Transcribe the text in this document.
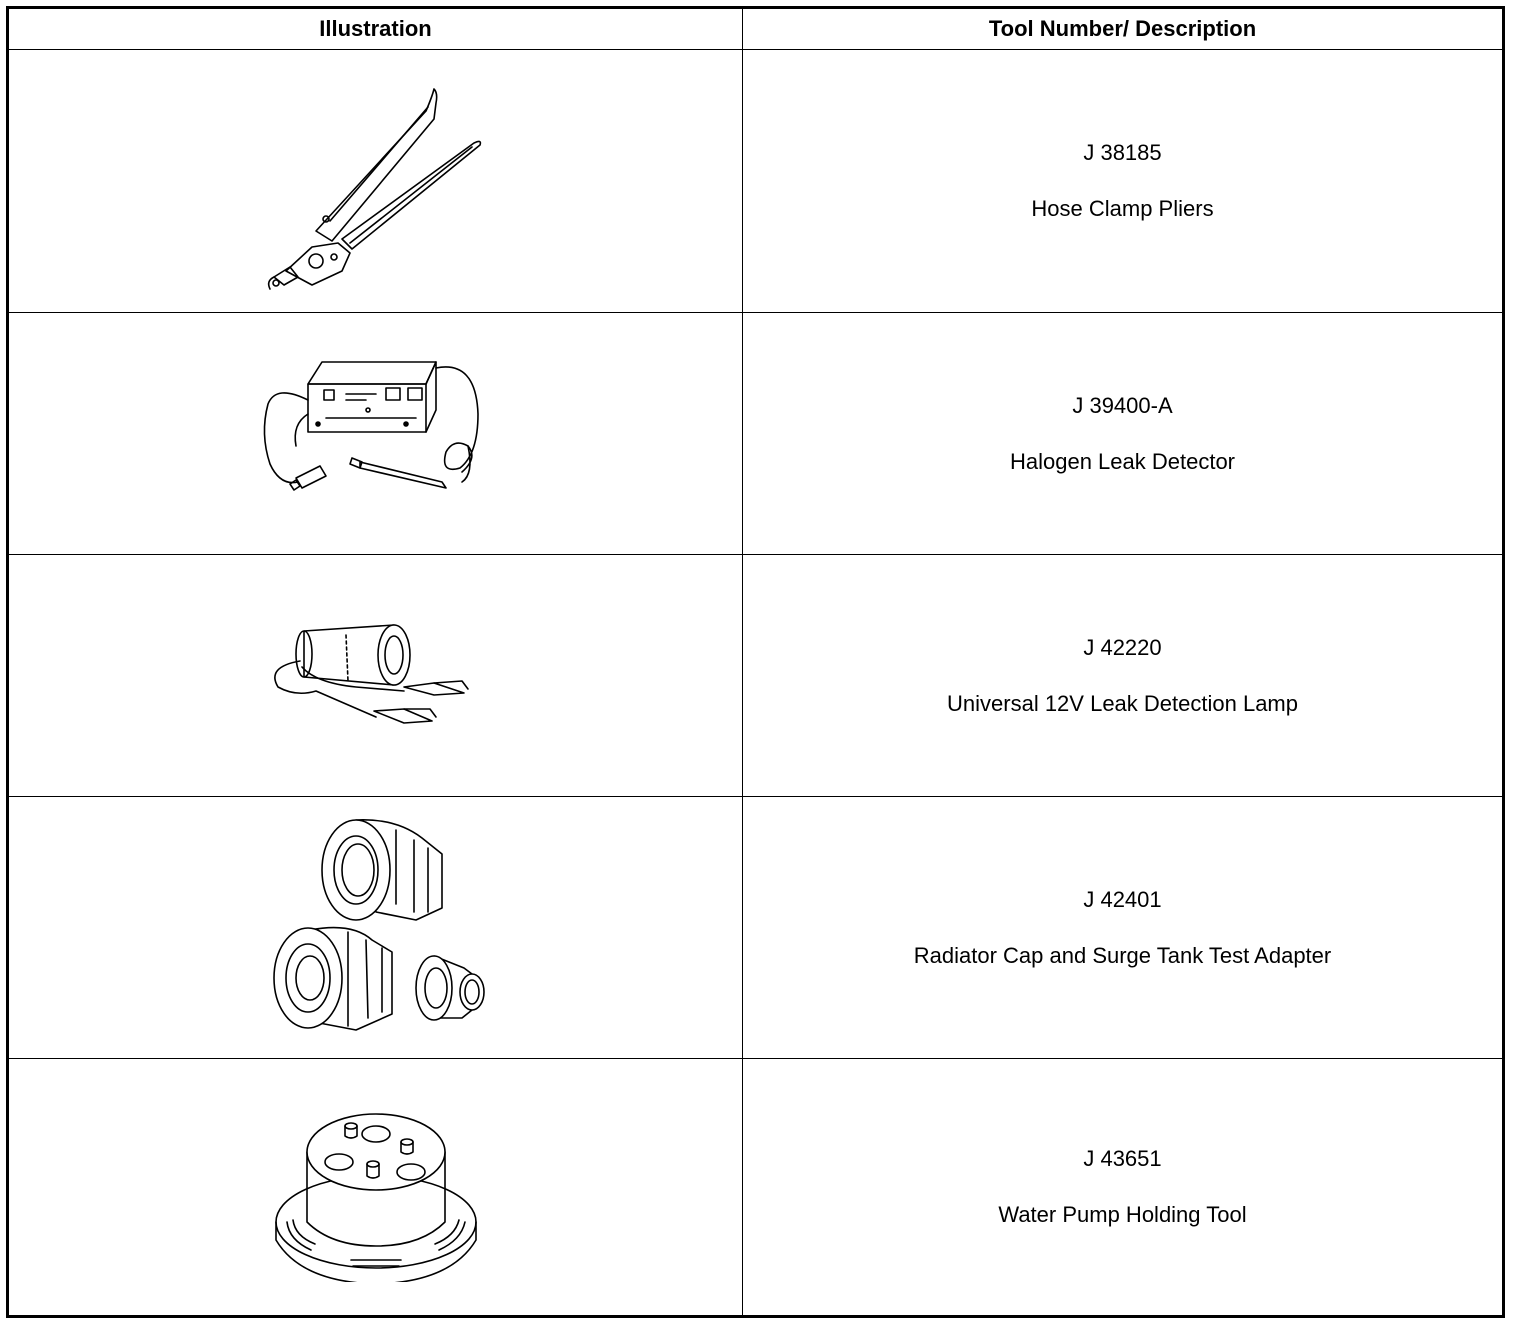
Illustration	Tool Number/ Description
J 38185
Hose Clamp Pliers
J 39400-A
Halogen Leak Detector
J 42220
Universal 12V Leak Detection Lamp
J 42401
Radiator Cap and Surge Tank Test Adapter
J 43651
Water Pump Holding Tool
